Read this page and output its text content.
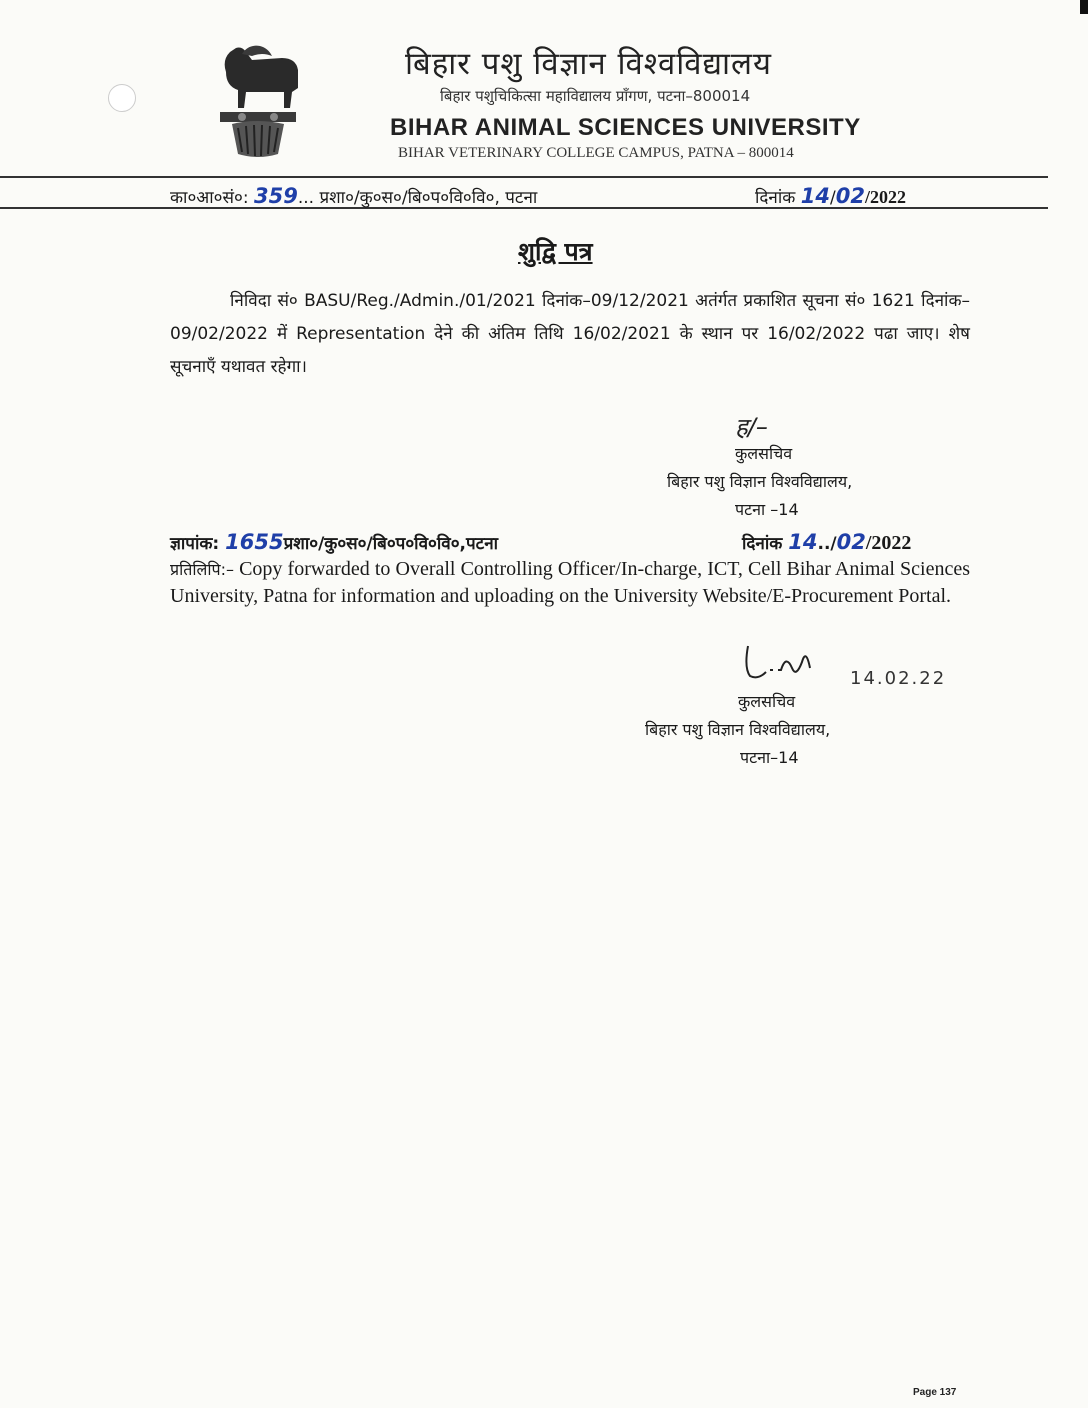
बिहार पशु विज्ञान विश्वविद्यालय
बिहार पशुचिकित्सा महाविद्यालय प्राँगण, पटना–800014
BIHAR ANIMAL SCIENCES UNIVERSITY
BIHAR VETERINARY COLLEGE CAMPUS, PATNA – 800014
का०आ०सं०: 359... प्रशा०/कु०स०/बि०प०वि०वि०, पटना	दिनांक 14/02/2022
शुद्वि पत्र
निविदा सं० BASU/Reg./Admin./01/2021 दिनांक–09/12/2021 अतंर्गत प्रकाशित सूचना सं० 1621 दिनांक–09/02/2022 में Representation देने की अंतिम तिथि 16/02/2021 के स्थान पर 16/02/2022 पढा जाए। शेष सूचनाएँ यथावत रहेगा।
ह/–
कुलसचिव
बिहार पशु विज्ञान विश्वविद्यालय,
पटना –14
ज्ञापांक: 1655प्रशा०/कु०स०/बि०प०वि०वि०,पटना	दिनांक 14../02/2022
प्रतिलिपि:– Copy forwarded to Overall Controlling Officer/In-charge, ICT, Cell Bihar Animal Sciences University, Patna for information and uploading on the University Website/E-Procurement Portal.
14.02.22
कुलसचिव
बिहार पशु विज्ञान विश्वविद्यालय,
पटना–14
Page 137
